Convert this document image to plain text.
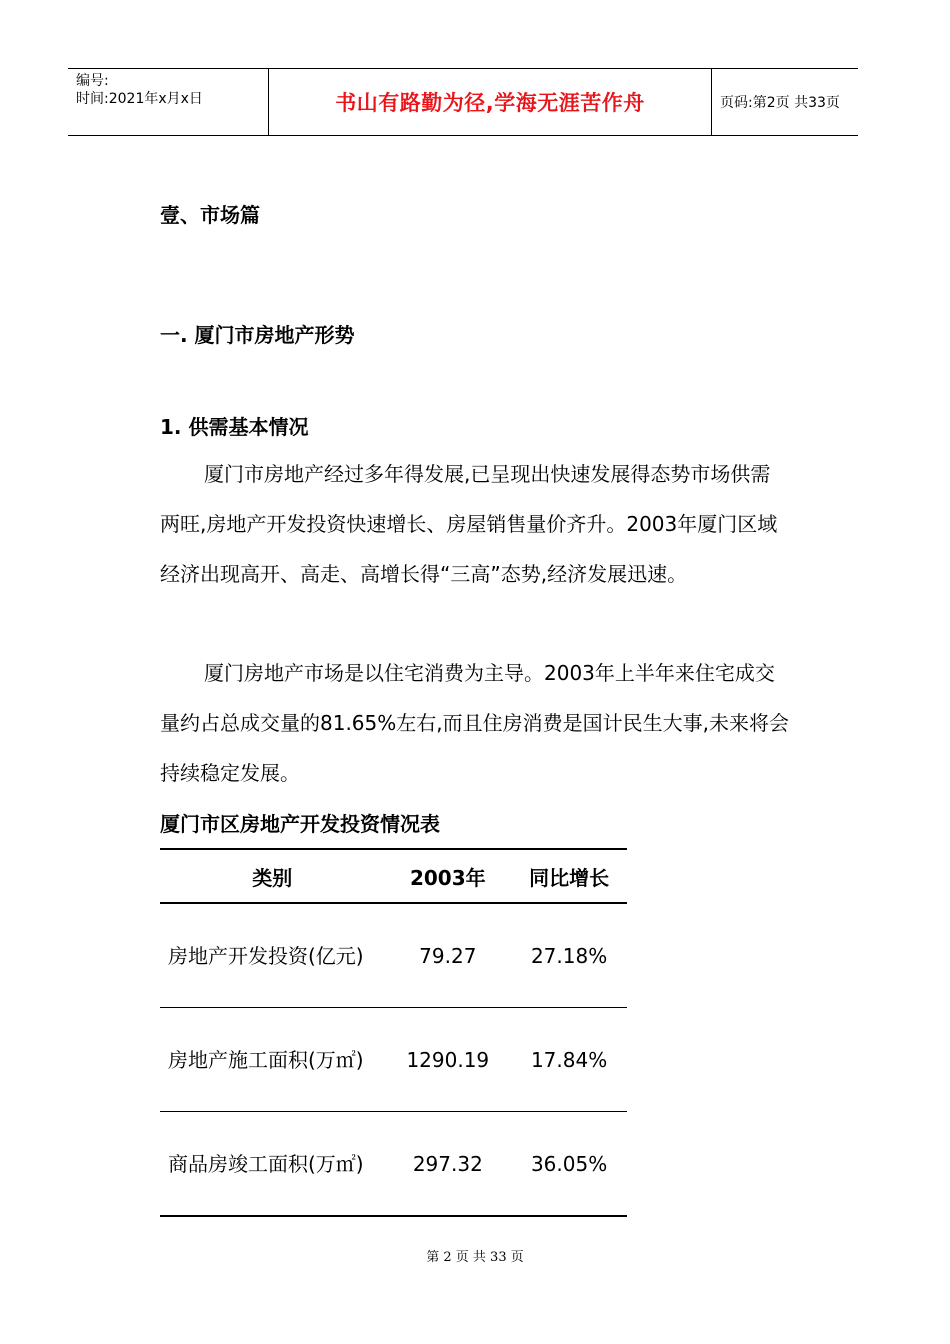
编号:
时间:2021年x月x日	书山有路勤为径,学海无涯苦作舟	页码:第2页 共33页
壹、市场篇
一. 厦门市房地产形势
1. 供需基本情况

厦门市房地产经过多年得发展,已呈现出快速发展得态势市场供需两旺,房地产开发投资快速增长、房屋销售量价齐升。2003年厦门区域经济出现高开、高走、高增长得“三高”态势,经济发展迅速。

厦门房地产市场是以住宅消费为主导。2003年上半年来住宅成交量约占总成交量的81.65%左右,而且住房消费是国计民生大事,未来将会持续稳定发展。

厦门市区房地产开发投资情况表
类别	2003年	同比增长
房地产开发投资(亿元)	79.27	27.18%
房地产施工面积(万㎡)	1290.19	17.84%
商品房竣工面积(万㎡)	297.32	36.05%
第 2 页 共 33 页
